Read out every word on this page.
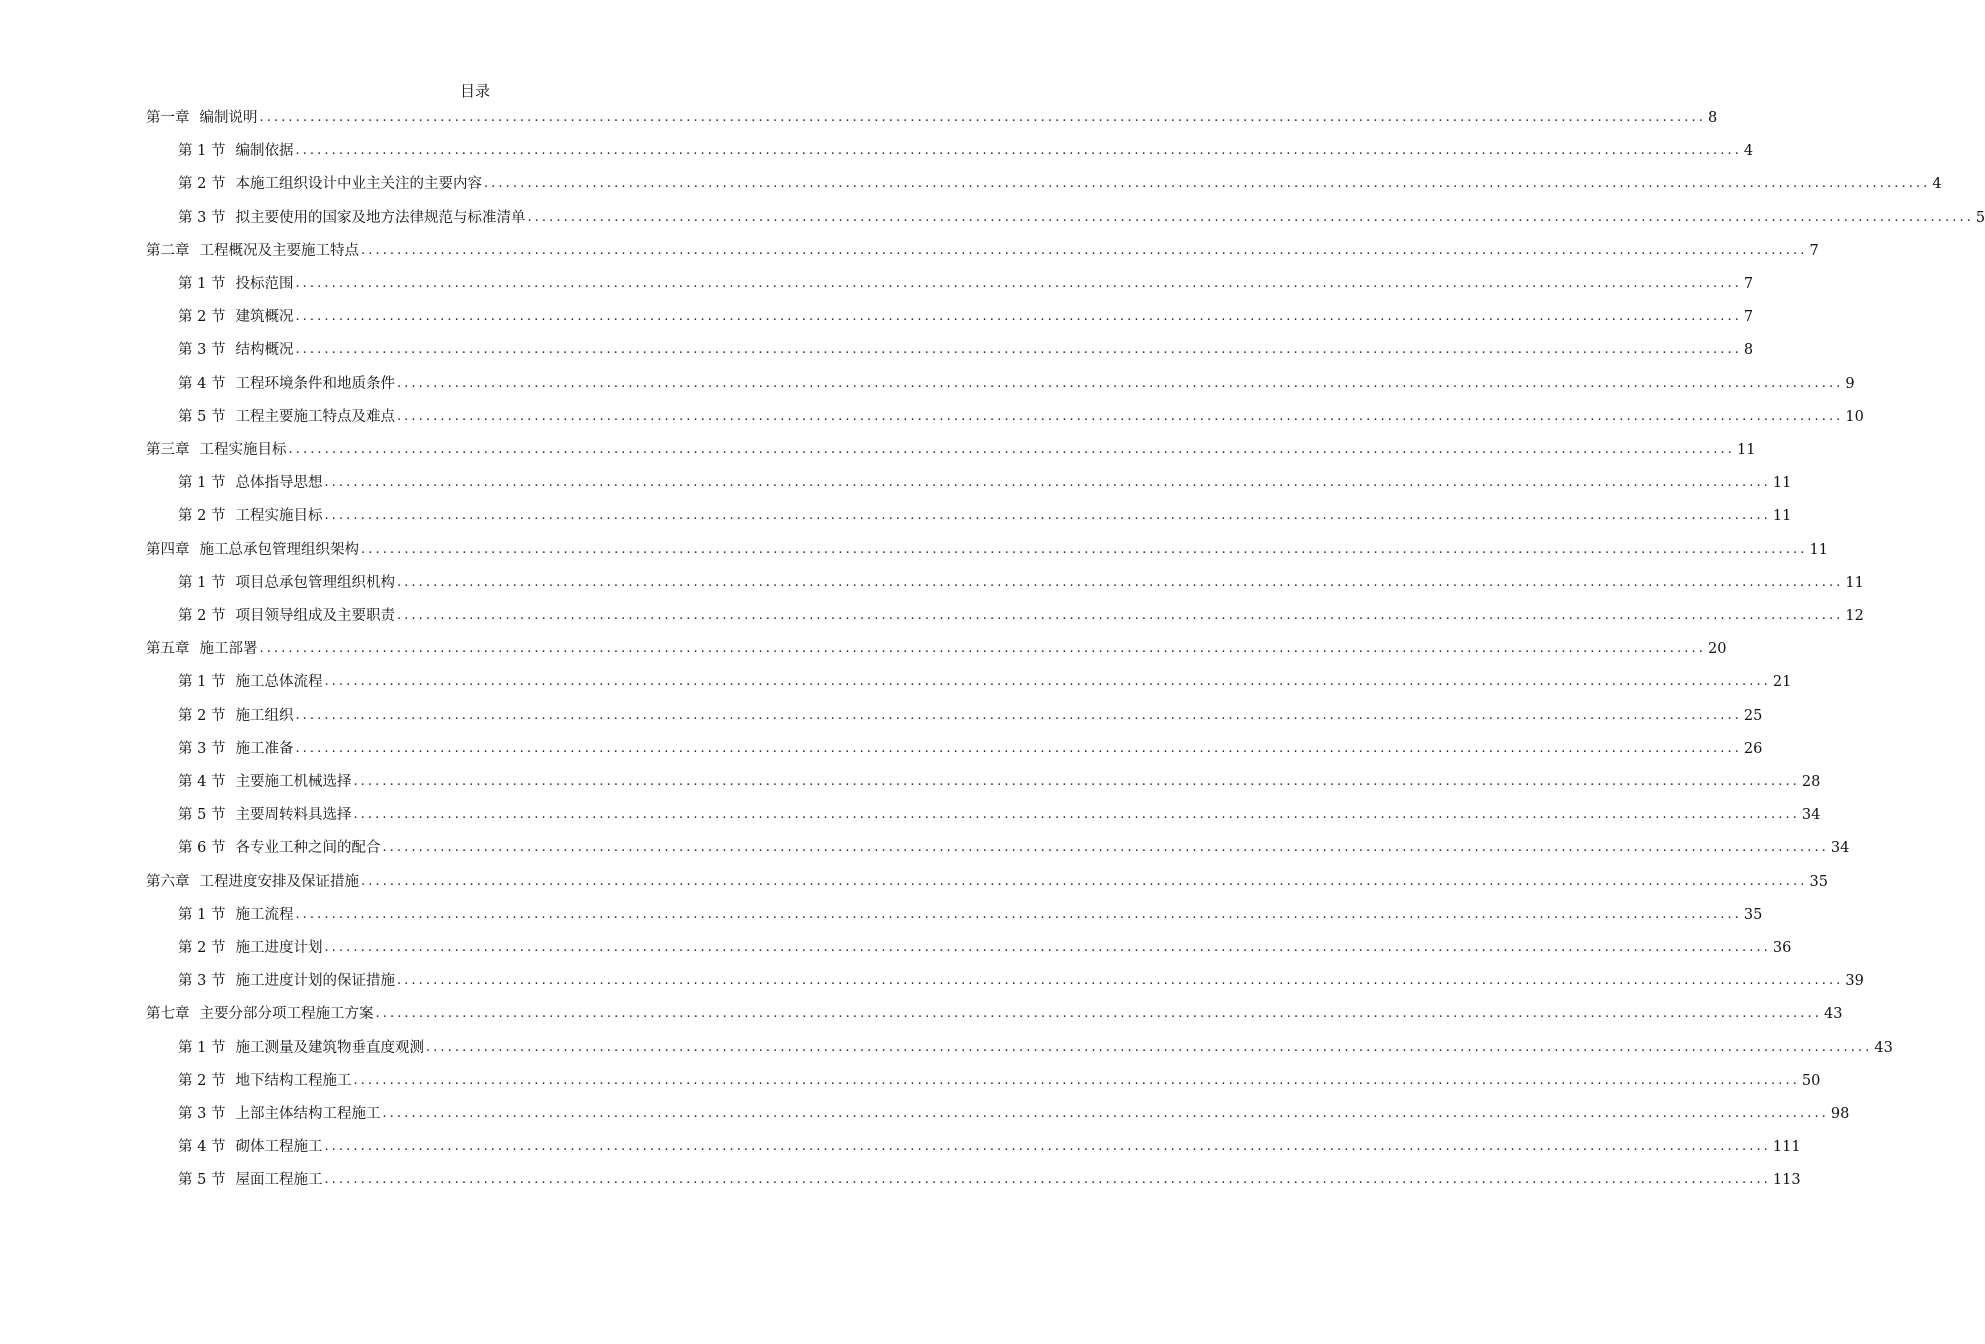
目录
第一章 编制说明 ........................................................................................................................................................................................................ 8
第 1 节 编制依据 ........................................................................................................................................................................................................ 4
第 2 节 本施工组织设计中业主关注的主要内容 ........................................................................................................................................................................................................ 4
第 3 节 拟主要使用的国家及地方法律规范与标准清单 ........................................................................................................................................................................................................ 5
第二章 工程概况及主要施工特点 ........................................................................................................................................................................................................ 7
第 1 节 投标范围 ........................................................................................................................................................................................................ 7
第 2 节 建筑概况 ........................................................................................................................................................................................................ 7
第 3 节 结构概况 ........................................................................................................................................................................................................ 8
第 4 节 工程环境条件和地质条件 ........................................................................................................................................................................................................ 9
第 5 节 工程主要施工特点及难点 ........................................................................................................................................................................................................ 10
第三章 工程实施目标 ........................................................................................................................................................................................................ 11
第 1 节 总体指导思想 ........................................................................................................................................................................................................ 11
第 2 节 工程实施目标 ........................................................................................................................................................................................................ 11
第四章 施工总承包管理组织架构 ........................................................................................................................................................................................................ 11
第 1 节 项目总承包管理组织机构 ........................................................................................................................................................................................................ 11
第 2 节 项目领导组成及主要职责 ........................................................................................................................................................................................................ 12
第五章 施工部署 ........................................................................................................................................................................................................ 20
第 1 节 施工总体流程 ........................................................................................................................................................................................................ 21
第 2 节 施工组织 ........................................................................................................................................................................................................ 25
第 3 节 施工准备 ........................................................................................................................................................................................................ 26
第 4 节 主要施工机械选择 ........................................................................................................................................................................................................ 28
第 5 节 主要周转料具选择 ........................................................................................................................................................................................................ 34
第 6 节 各专业工种之间的配合 ........................................................................................................................................................................................................ 34
第六章 工程进度安排及保证措施 ........................................................................................................................................................................................................ 35
第 1 节 施工流程 ........................................................................................................................................................................................................ 35
第 2 节 施工进度计划 ........................................................................................................................................................................................................ 36
第 3 节 施工进度计划的保证措施 ........................................................................................................................................................................................................ 39
第七章 主要分部分项工程施工方案 ........................................................................................................................................................................................................ 43
第 1 节 施工测量及建筑物垂直度观测 ........................................................................................................................................................................................................ 43
第 2 节 地下结构工程施工 ........................................................................................................................................................................................................ 50
第 3 节 上部主体结构工程施工 ........................................................................................................................................................................................................ 98
第 4 节 砌体工程施工 ........................................................................................................................................................................................................ 111
第 5 节 屋面工程施工 ........................................................................................................................................................................................................ 113
